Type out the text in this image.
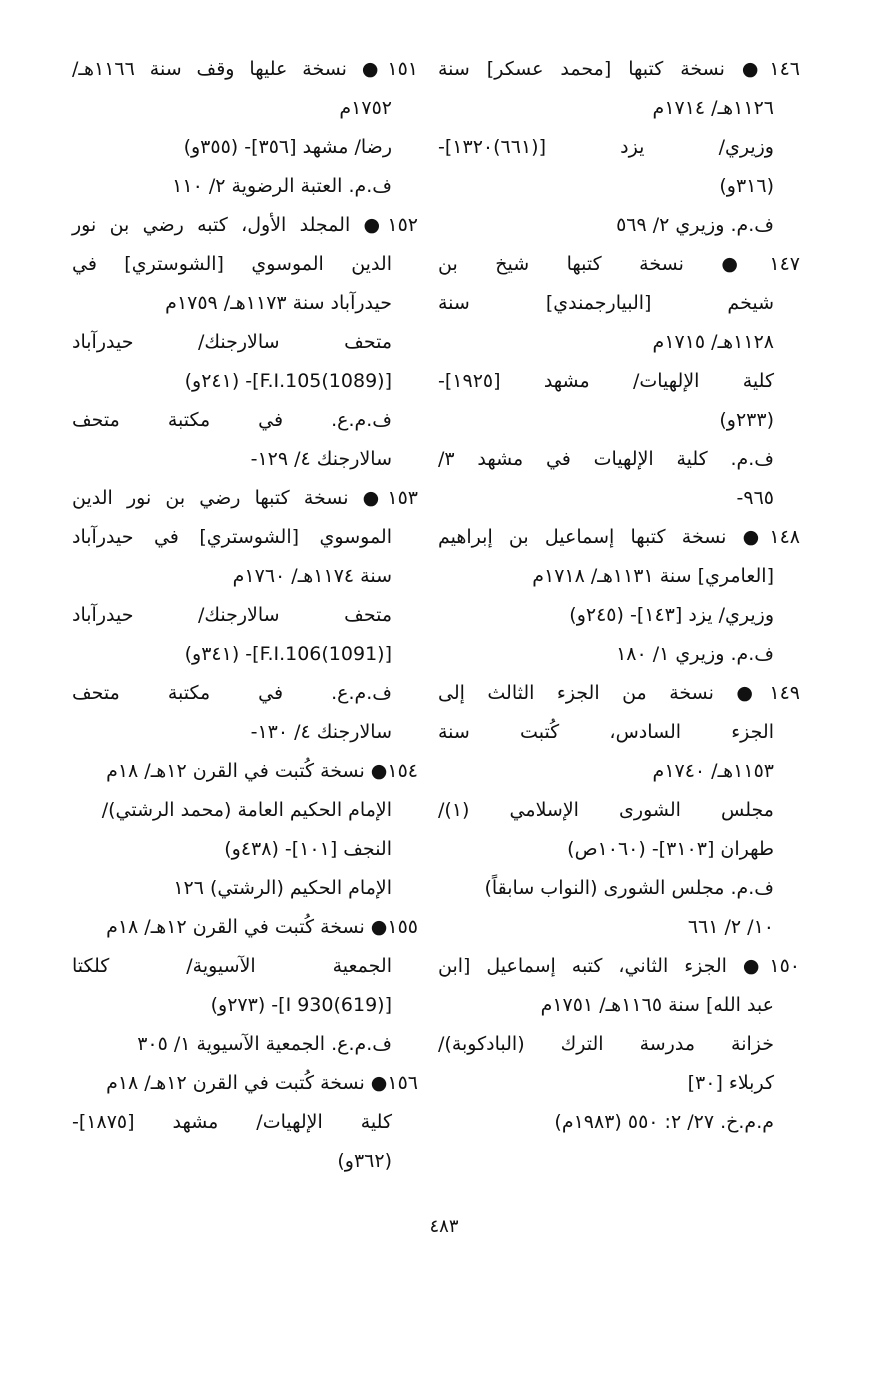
١٤٦● نسخة كتبها [محمد عسكر] سنة
١١٢٦هـ/ ١٧١٤م
وزيري/ يزد [(٦٦١)١٣٢٠]-
(٣١٦و)
ف.م. وزيري ٢/ ٥٦٩
١٤٧● نسخة كتبها شيخ بن
شيخم [البيارجمندي] سنة
١١٢٨هـ/ ١٧١٥م
كلية الإلهيات/ مشهد [١٩٢٥]-
(٢٣٣و)
ف.م. كلية الإلهيات في مشهد ٣/
٩٦٥-
١٤٨● نسخة كتبها إسماعيل بن إبراهيم
[العامري] سنة ١١٣١هـ/ ١٧١٨م
وزيري/ يزد [١٤٣]- (٢٤٥و)
ف.م. وزيري ١/ ١٨٠
١٤٩● نسخة من الجزء الثالث إلى
الجزء السادس، كُتبت سنة
١١٥٣هـ/ ١٧٤٠م
مجلس الشورى الإسلامي (١)/
طهران [٣١٠٣]- (١٠٦٠ص)
ف.م. مجلس الشورى (النواب سابقاً)
١٠/ ٢/ ٦٦١
١٥٠● الجزء الثاني، كتبه إسماعيل [ابن
عبد الله] سنة ١١٦٥هـ/ ١٧٥١م
خزانة مدرسة الترك (البادكوبة)/
كربلاء [٣٠]
م.م.خ. ٢٧/ ٢: ٥٥٠ (١٩٨٣م)
١٥١● نسخة عليها وقف سنة ١١٦٦هـ/
١٧٥٢م
رضا/ مشهد [٣٥٦]- (٣٥٥و)
ف.م. العتبة الرضوية ٢/ ١١٠
١٥٢● المجلد الأول، كتبه رضي بن نور
الدين الموسوي [الشوستري] في
حيدرآباد سنة ١١٧٣هـ/ ١٧٥٩م
متحف سالارجنك/ حيدرآباد
[F.I.105(1089)]- (٢٤١و)
ف.م.ع. في مكتبة متحف
سالارجنك ٤/ ١٢٩-
١٥٣● نسخة كتبها رضي بن نور الدين
الموسوي [الشوستري] في حيدرآباد
سنة ١١٧٤هـ/ ١٧٦٠م
متحف سالارجنك/ حيدرآباد
[F.I.106(1091)]- (٣٤١و)
ف.م.ع. في مكتبة متحف
سالارجنك ٤/ ١٣٠-
١٥٤● نسخة كُتبت في القرن ١٢هـ/ ١٨م
الإمام الحكيم العامة (محمد الرشتي)/
النجف [١٠١]- (٤٣٨و)
الإمام الحكيم (الرشتي) ١٢٦
١٥٥● نسخة كُتبت في القرن ١٢هـ/ ١٨م
الجمعية الآسيوية/ كلكتا
[I 930(619)]- (٢٧٣و)
ف.م.ع. الجمعية الآسيوية ١/ ٣٠٥
١٥٦● نسخة كُتبت في القرن ١٢هـ/ ١٨م
كلية الإلهيات/ مشهد [١٨٧٥]-
(٣٦٢و)
٤٨٣
